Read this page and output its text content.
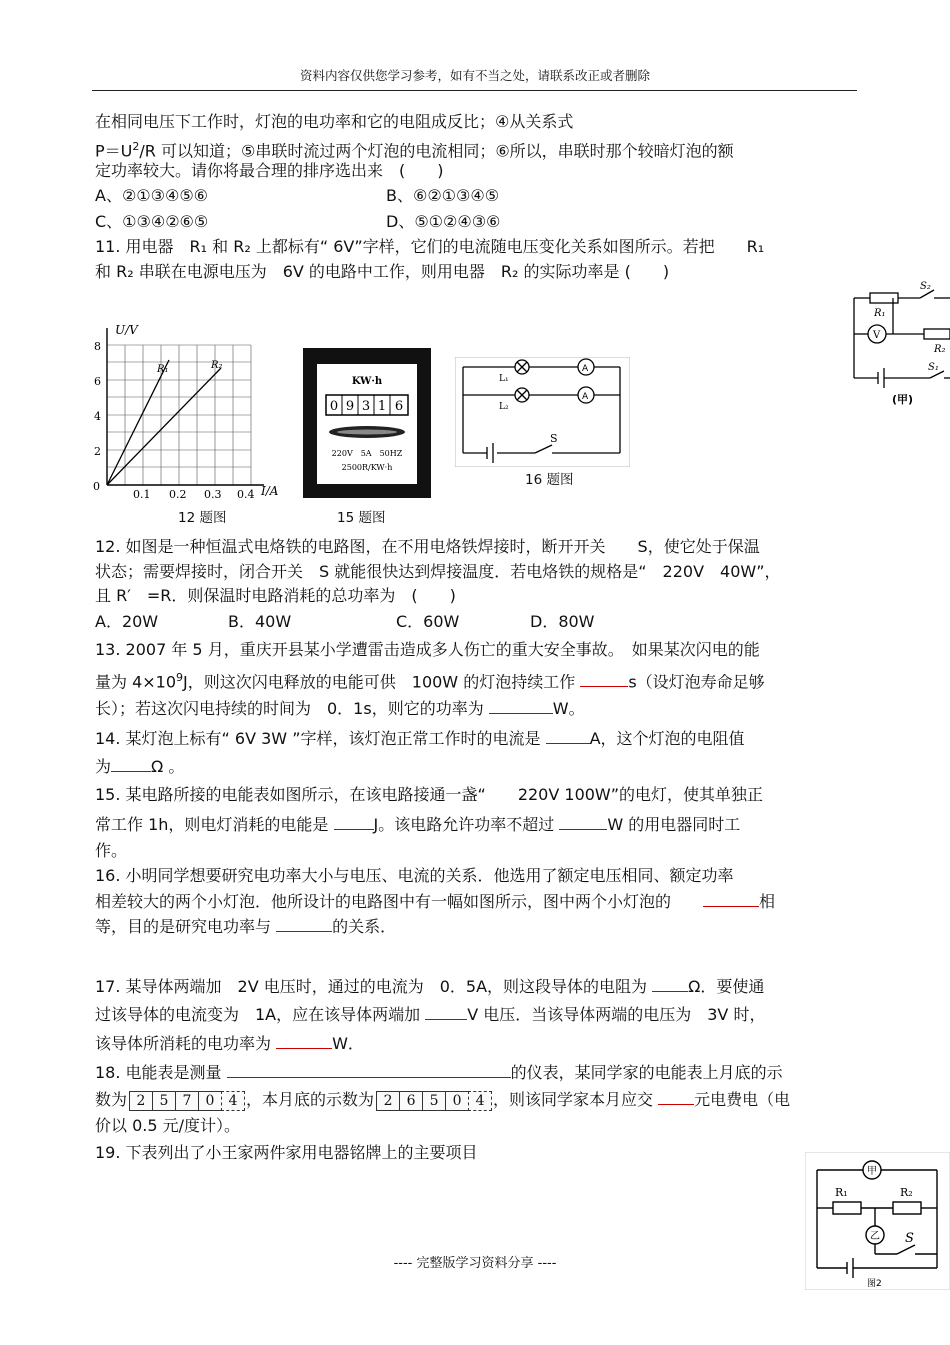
资料内容仅供您学习参考，如有不当之处，请联系改正或者删除
在相同电压下工作时，灯泡的电功率和它的电阻成反比；④从关系式
$P=U^2/R$ 可以知道；⑤串联时流过两个灯泡的电流相同；⑥所以，串联时那个较暗灯泡的额
定功率较大。请你将最合理的排序选出来　(　　)
A、②①③④⑤⑥	B、⑥②①③④⑤
C、①③④②⑥⑤	D、⑤①②④③⑥
11. 用电器　R₁ 和 R₂ 上都标有“ 6V”字样，它们的电流随电压变化关系如图所示。若把　　R₁
和 R₂ 串联在电源电压为　6V 的电路中工作，则用电器　R₂ 的实际功率是 (　　)
U/V
I/A
0
8
6
4
2
0.1 0.2 0.3 0.4
R₁	R₂
12 题图
KW·h
0 9 3 1 6
220V　5A　50HZ
2500R/KW·h
15 题图
A
A
L₁
L₂
S
16 题图
S₂
R₁
V
R₂
S₁
(甲)
12. 如图是一种恒温式电烙铁的电路图，在不用电烙铁焊接时，断开开关　　S，使它处于保温
状态；需要焊接时，闭合开关　S 就能很快达到焊接温度．若电烙铁的规格是“　220V　40W”，
且 R′　=R．则保温时电路消耗的总功率为　(　　)
A．20W	B．40W	C．60W	D．80W
13. 2007 年 5 月，重庆开县某小学遭雷击造成多人伤亡的重大安全事故。　如果某次闪电的能
量为 $4\times 10^9J$，则这次闪电释放的电能可供　100W 的灯泡持续工作	s（设灯泡寿命足够
长）；若这次闪电持续的时间为　0．1s，则它的功率为	W。
14. 某灯泡上标有“ 6V 3W ”字样，该灯泡正常工作时的电流是	A，这个灯泡的电阻值
为	Ω 。
15. 某电路所接的电能表如图所示，在该电路接通一盏“　　220V 100W”的电灯，使其单独正
常工作 1h，则电灯消耗的电能是	J。该电路允许功率不超过	W 的用电器同时工
作。
16. 小明同学想要研究电功率大小与电压、电流的关系．他选用了额定电压相同、额定功率
相差较大的两个小灯泡．他所设计的电路图中有一幅如图所示，图中两个小灯泡的　　	相
等，目的是研究电功率与	的关系．
17. 某导体两端加　2V 电压时，通过的电流为　0．5A，则这段导体的电阻为 Ω．要使通
过该导体的电流变为　1A，应在该导体两端加	V 电压．当该导体两端的电压为　3V 时，
该导体所消耗的电功率为	W．
18. 电能表是测量	的仪表，某同学家的电能表上月底的示
数为 2 5 7 0 4 ，本月底的示数为 2 6 5 0 4 ，则该同学家本月应交 元电费电（电
价以 0.5 元/度计）。
19. 下表列出了小王家两件家用电器铭牌上的主要项目
甲
R₁	R₂
乙 S
图2
---- 完整版学习资料分享 ----
